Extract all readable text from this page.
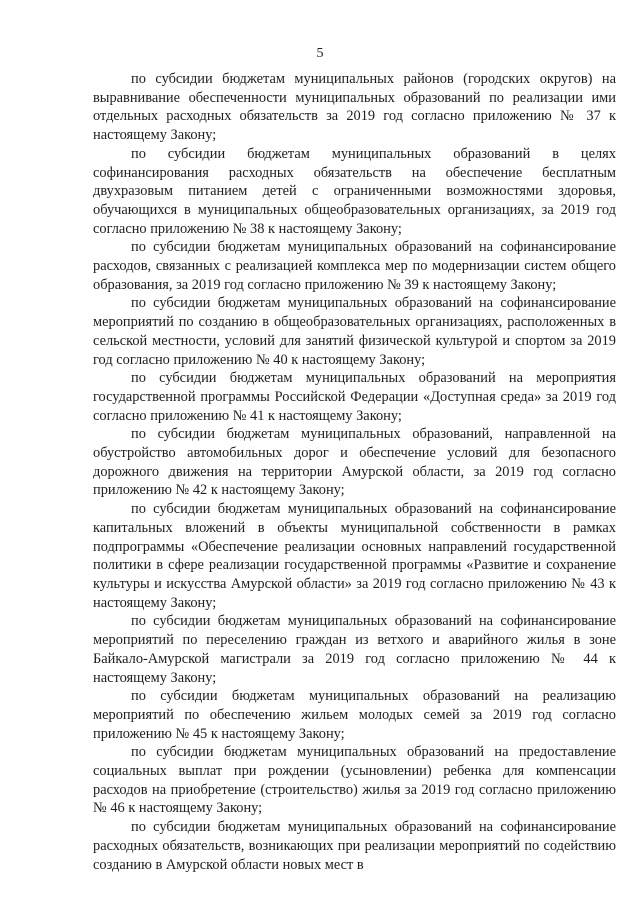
5

по субсидии бюджетам муниципальных районов (городских округов) на выравнивание обеспеченности муниципальных образований по реализации ими отдельных расходных обязательств за 2019 год согласно приложению № 37 к настоящему Закону;

по субсидии бюджетам муниципальных образований в целях софинансирования расходных обязательств на обеспечение бесплатным двухразовым питанием детей с ограниченными возможностями здоровья, обучающихся в муниципальных общеобразовательных организациях, за 2019 год согласно приложению № 38 к настоящему Закону;

по субсидии бюджетам муниципальных образований на софинансирование расходов, связанных с реализацией комплекса мер по модернизации систем общего образования, за 2019 год согласно приложению № 39 к настоящему Закону;

по субсидии бюджетам муниципальных образований на софинансирование мероприятий по созданию в общеобразовательных организациях, расположенных в сельской местности, условий для занятий физической культурой и спортом за 2019 год согласно приложению № 40 к настоящему Закону;

по субсидии бюджетам муниципальных образований на мероприятия государственной программы Российской Федерации «Доступная среда» за 2019 год согласно приложению № 41 к настоящему Закону;

по субсидии бюджетам муниципальных образований, направленной на обустройство автомобильных дорог и обеспечение условий для безопасного дорожного движения на территории Амурской области, за 2019 год согласно приложению № 42 к настоящему Закону;

по субсидии бюджетам муниципальных образований на софинансирование капитальных вложений в объекты муниципальной собственности в рамках подпрограммы «Обеспечение реализации основных направлений государственной политики в сфере реализации государственной программы «Развитие и сохранение культуры и искусства Амурской области» за 2019 год согласно приложению № 43 к настоящему Закону;

по субсидии бюджетам муниципальных образований на софинансирование мероприятий по переселению граждан из ветхого и аварийного жилья в зоне Байкало-Амурской магистрали за 2019 год согласно приложению № 44 к настоящему Закону;

по субсидии бюджетам муниципальных образований на реализацию мероприятий по обеспечению жильем молодых семей за 2019 год согласно приложению № 45 к настоящему Закону;

по субсидии бюджетам муниципальных образований на предоставление социальных выплат при рождении (усыновлении) ребенка для компенсации расходов на приобретение (строительство) жилья за 2019 год согласно приложению № 46 к настоящему Закону;

по субсидии бюджетам муниципальных образований на софинансирование расходных обязательств, возникающих при реализации мероприятий по содействию созданию в Амурской области новых мест в
